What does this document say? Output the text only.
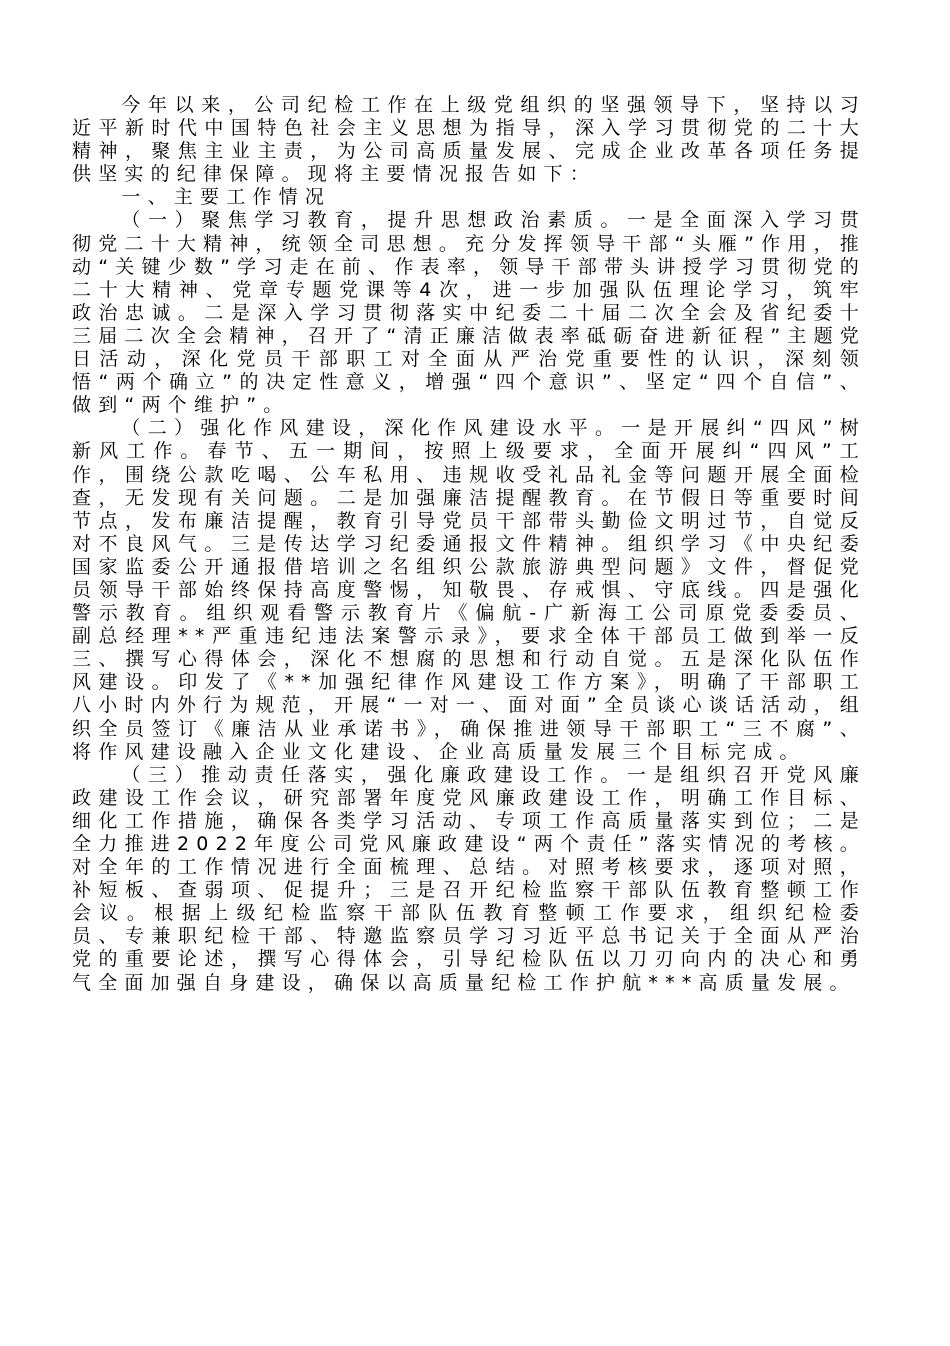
今年以来，公司纪检工作在上级党组织的坚强领导下，坚持以习近平新时代中国特色社会主义思想为指导，深入学习贯彻党的二十大精神，聚焦主业主责，为公司高质量发展、完成企业改革各项任务提供坚实的纪律保障。现将主要情况报告如下：

一、主要工作情况

（一）聚焦学习教育，提升思想政治素质。一是全面深入学习贯彻党二十大精神，统领全司思想。充分发挥领导干部“头雁”作用，推动“关键少数”学习走在前、作表率，领导干部带头讲授学习贯彻党的二十大精神、党章专题党课等4次，进一步加强队伍理论学习，筑牢政治忠诚。二是深入学习贯彻落实中纪委二十届二次全会及省纪委十三届二次全会精神，召开了“清正廉洁做表率砥砺奋进新征程”主题党日活动，深化党员干部职工对全面从严治党重要性的认识，深刻领悟“两个确立”的决定性意义，增强“四个意识”、坚定“四个自信”、做到“两个维护”。

（二）强化作风建设，深化作风建设水平。一是开展纠“四风”树新风工作。春节、五一期间，按照上级要求，全面开展纠“四风”工作，围绕公款吃喝、公车私用、违规收受礼品礼金等问题开展全面检查，无发现有关问题。二是加强廉洁提醒教育。在节假日等重要时间节点，发布廉洁提醒，教育引导党员干部带头勤俭文明过节，自觉反对不良风气。三是传达学习纪委通报文件精神。组织学习《中央纪委国家监委公开通报借培训之名组织公款旅游典型问题》文件，督促党员领导干部始终保持高度警惕，知敬畏、存戒惧、守底线。四是强化警示教育。组织观看警示教育片《偏航-广新海工公司原党委委员、副总经理**严重违纪违法案警示录》，要求全体干部员工做到举一反三、撰写心得体会，深化不想腐的思想和行动自觉。五是深化队伍作风建设。印发了《**加强纪律作风建设工作方案》，明确了干部职工八小时内外行为规范，开展“一对一、面对面”全员谈心谈话活动，组织全员签订《廉洁从业承诺书》，确保推进领导干部职工“三不腐”、将作风建设融入企业文化建设、企业高质量发展三个目标完成。

（三）推动责任落实，强化廉政建设工作。一是组织召开党风廉政建设工作会议，研究部署年度党风廉政建设工作，明确工作目标、细化工作措施，确保各类学习活动、专项工作高质量落实到位；二是全力推进2022年度公司党风廉政建设“两个责任”落实情况的考核。对全年的工作情况进行全面梳理、总结。对照考核要求，逐项对照，补短板、查弱项、促提升；三是召开纪检监察干部队伍教育整顿工作会议。根据上级纪检监察干部队伍教育整顿工作要求，组织纪检委员、专兼职纪检干部、特邀监察员学习习近平总书记关于全面从严治党的重要论述，撰写心得体会，引导纪检队伍以刀刃向内的决心和勇气全面加强自身建设，确保以高质量纪检工作护航***高质量发展。
